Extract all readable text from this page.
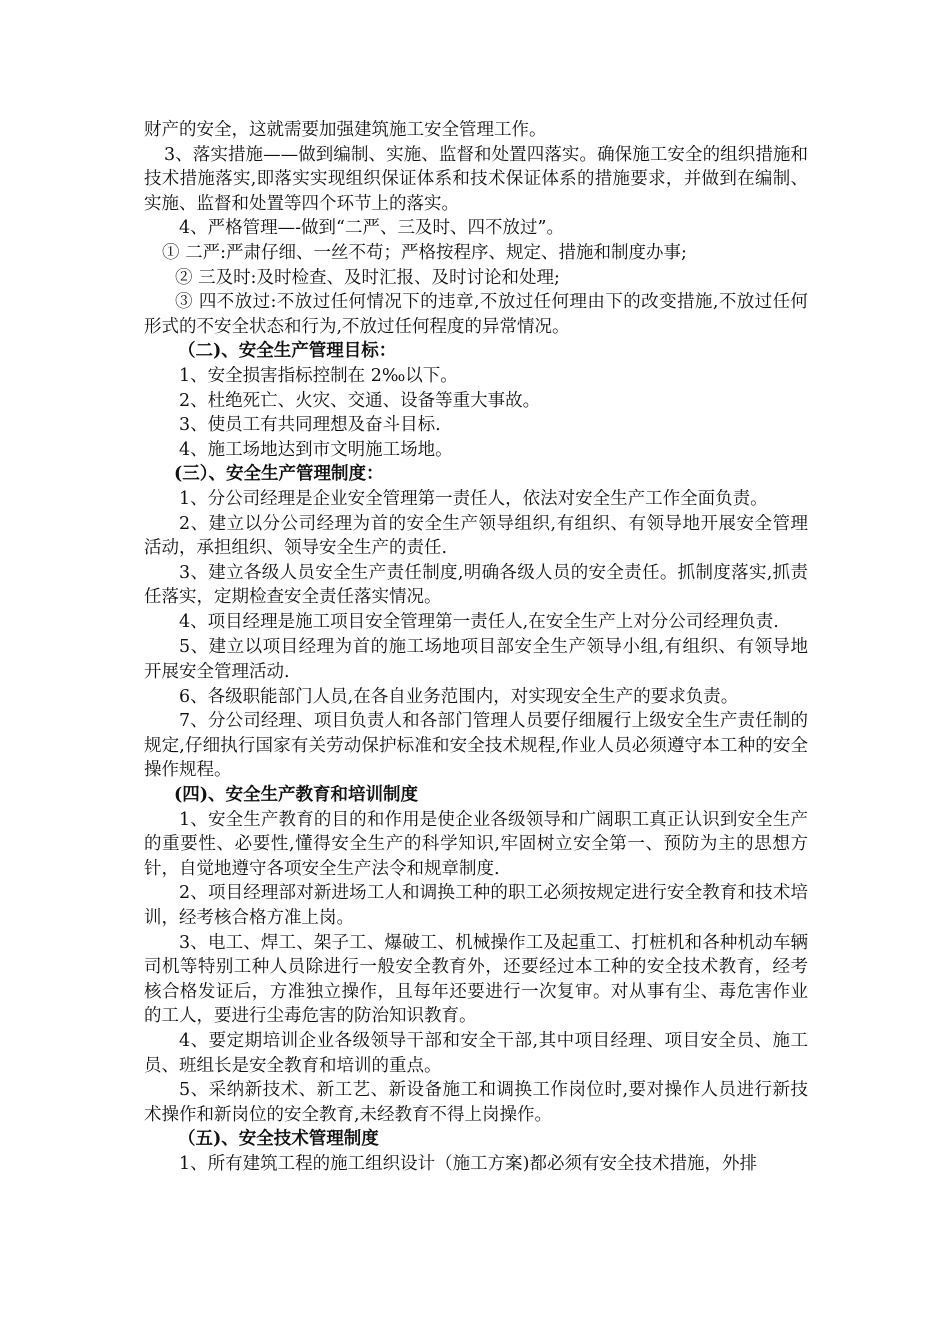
财产的安全，这就需要加强建筑施工安全管理工作。

3、落实措施——做到编制、实施、监督和处置四落实。确保施工安全的组织措施和技术措施落实,即落实实现组织保证体系和技术保证体系的措施要求，并做到在编制、实施、监督和处置等四个环节上的落实。

4、严格管理—-做到“二严、三及时、四不放过”。

① 二严:严肃仔细、一丝不苟；严格按程序、规定、措施和制度办事;

② 三及时:及时检查、及时汇报、及时讨论和处理;

③ 四不放过:不放过任何情况下的违章,不放过任何理由下的改变措施,不放过任何形式的不安全状态和行为,不放过任何程度的异常情况。

（二)、安全生产管理目标：

1、安全损害指标控制在 2‰以下。

2、杜绝死亡、火灾、交通、设备等重大事故。

3、使员工有共同理想及奋斗目标.

4、施工场地达到市文明施工场地。

(三）、安全生产管理制度：

1、分公司经理是企业安全管理第一责任人，依法对安全生产工作全面负责。

2、建立以分公司经理为首的安全生产领导组织,有组织、有领导地开展安全管理活动，承担组织、领导安全生产的责任.

3、建立各级人员安全生产责任制度,明确各级人员的安全责任。抓制度落实,抓责任落实，定期检查安全责任落实情况。

4、项目经理是施工项目安全管理第一责任人,在安全生产上对分公司经理负责.

5、建立以项目经理为首的施工场地项目部安全生产领导小组,有组织、有领导地开展安全管理活动.

6、各级职能部门人员,在各自业务范围内，对实现安全生产的要求负责。

7、分公司经理、项目负责人和各部门管理人员要仔细履行上级安全生产责任制的规定,仔细执行国家有关劳动保护标准和安全技术规程,作业人员必须遵守本工种的安全操作规程。

(四)、安全生产教育和培训制度

1、安全生产教育的目的和作用是使企业各级领导和广阔职工真正认识到安全生产的重要性、必要性,懂得安全生产的科学知识,牢固树立安全第一、预防为主的思想方针，自觉地遵守各项安全生产法令和规章制度.

2、项目经理部对新进场工人和调换工种的职工必须按规定进行安全教育和技术培训，经考核合格方准上岗。

3、电工、焊工、架子工、爆破工、机械操作工及起重工、打桩机和各种机动车辆司机等特别工种人员除进行一般安全教育外，还要经过本工种的安全技术教育，经考核合格发证后，方准独立操作，且每年还要进行一次复审。对从事有尘、毒危害作业的工人，要进行尘毒危害的防治知识教育。

4、要定期培训企业各级领导干部和安全干部,其中项目经理、项目安全员、施工员、班组长是安全教育和培训的重点。

5、采纳新技术、新工艺、新设备施工和调换工作岗位时,要对操作人员进行新技术操作和新岗位的安全教育,未经教育不得上岗操作。

（五)、安全技术管理制度

1、所有建筑工程的施工组织设计（施工方案)都必须有安全技术措施，外排
